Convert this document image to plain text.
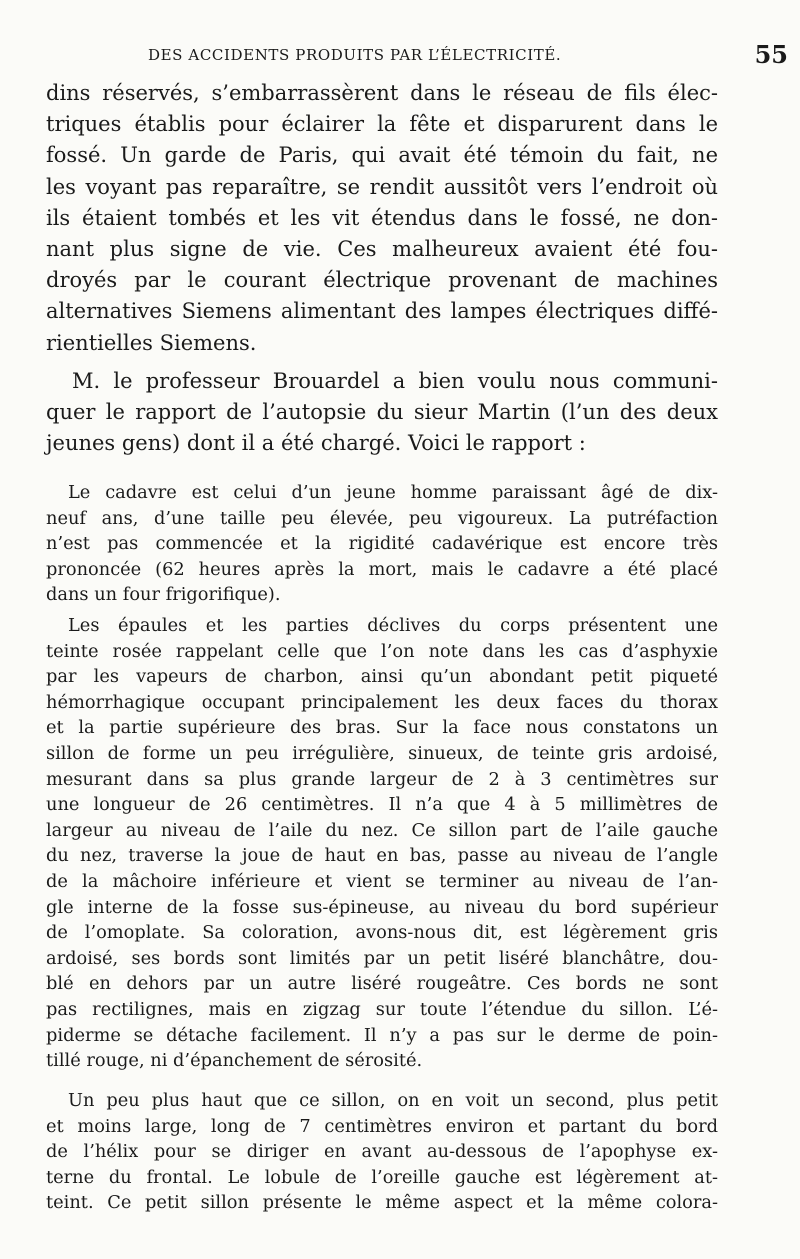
DES ACCIDENTS PRODUITS PAR L’ÉLECTRICITÉ.	55

dins réservés, s’embarrassèrent dans le réseau de fils élec-
triques établis pour éclairer la fête et disparurent dans le
fossé. Un garde de Paris, qui avait été témoin du fait, ne
les voyant pas reparaître, se rendit aussitôt vers l’endroit où
ils étaient tombés et les vit étendus dans le fossé, ne don-
nant plus signe de vie. Ces malheureux avaient été fou-
droyés par le courant électrique provenant de machines
alternatives Siemens alimentant des lampes électriques diffé-
rientielles Siemens.

M. le professeur Brouardel a bien voulu nous communi-
quer le rapport de l’autopsie du sieur Martin (l’un des deux
jeunes gens) dont il a été chargé. Voici le rapport :

Le cadavre est celui d’un jeune homme paraissant âgé de dix-
neuf ans, d’une taille peu élevée, peu vigoureux. La putréfaction
n’est pas commencée et la rigidité cadavérique est encore très
prononcée (62 heures après la mort, mais le cadavre a été placé
dans un four frigorifique).

Les épaules et les parties déclives du corps présentent une
teinte rosée rappelant celle que l’on note dans les cas d’asphyxie
par les vapeurs de charbon, ainsi qu’un abondant petit piqueté
hémorrhagique occupant principalement les deux faces du thorax
et la partie supérieure des bras. Sur la face nous constatons un
sillon de forme un peu irrégulière, sinueux, de teinte gris ardoisé,
mesurant dans sa plus grande largeur de 2 à 3 centimètres sur
une longueur de 26 centimètres. Il n’a que 4 à 5 millimètres de
largeur au niveau de l’aile du nez. Ce sillon part de l’aile gauche
du nez, traverse la joue de haut en bas, passe au niveau de l’angle
de la mâchoire inférieure et vient se terminer au niveau de l’an-
gle interne de la fosse sus-épineuse, au niveau du bord supérieur
de l’omoplate. Sa coloration, avons-nous dit, est légèrement gris
ardoisé, ses bords sont limités par un petit liséré blanchâtre, dou-
blé en dehors par un autre liséré rougeâtre. Ces bords ne sont
pas rectilignes, mais en zigzag sur toute l’étendue du sillon. L’é-
piderme se détache facilement. Il n’y a pas sur le derme de poin-
tillé rouge, ni d’épanchement de sérosité.

Un peu plus haut que ce sillon, on en voit un second, plus petit
et moins large, long de 7 centimètres environ et partant du bord
de l’hélix pour se diriger en avant au-dessous de l’apophyse ex-
terne du frontal. Le lobule de l’oreille gauche est légèrement at-
teint. Ce petit sillon présente le même aspect et la même colora-
